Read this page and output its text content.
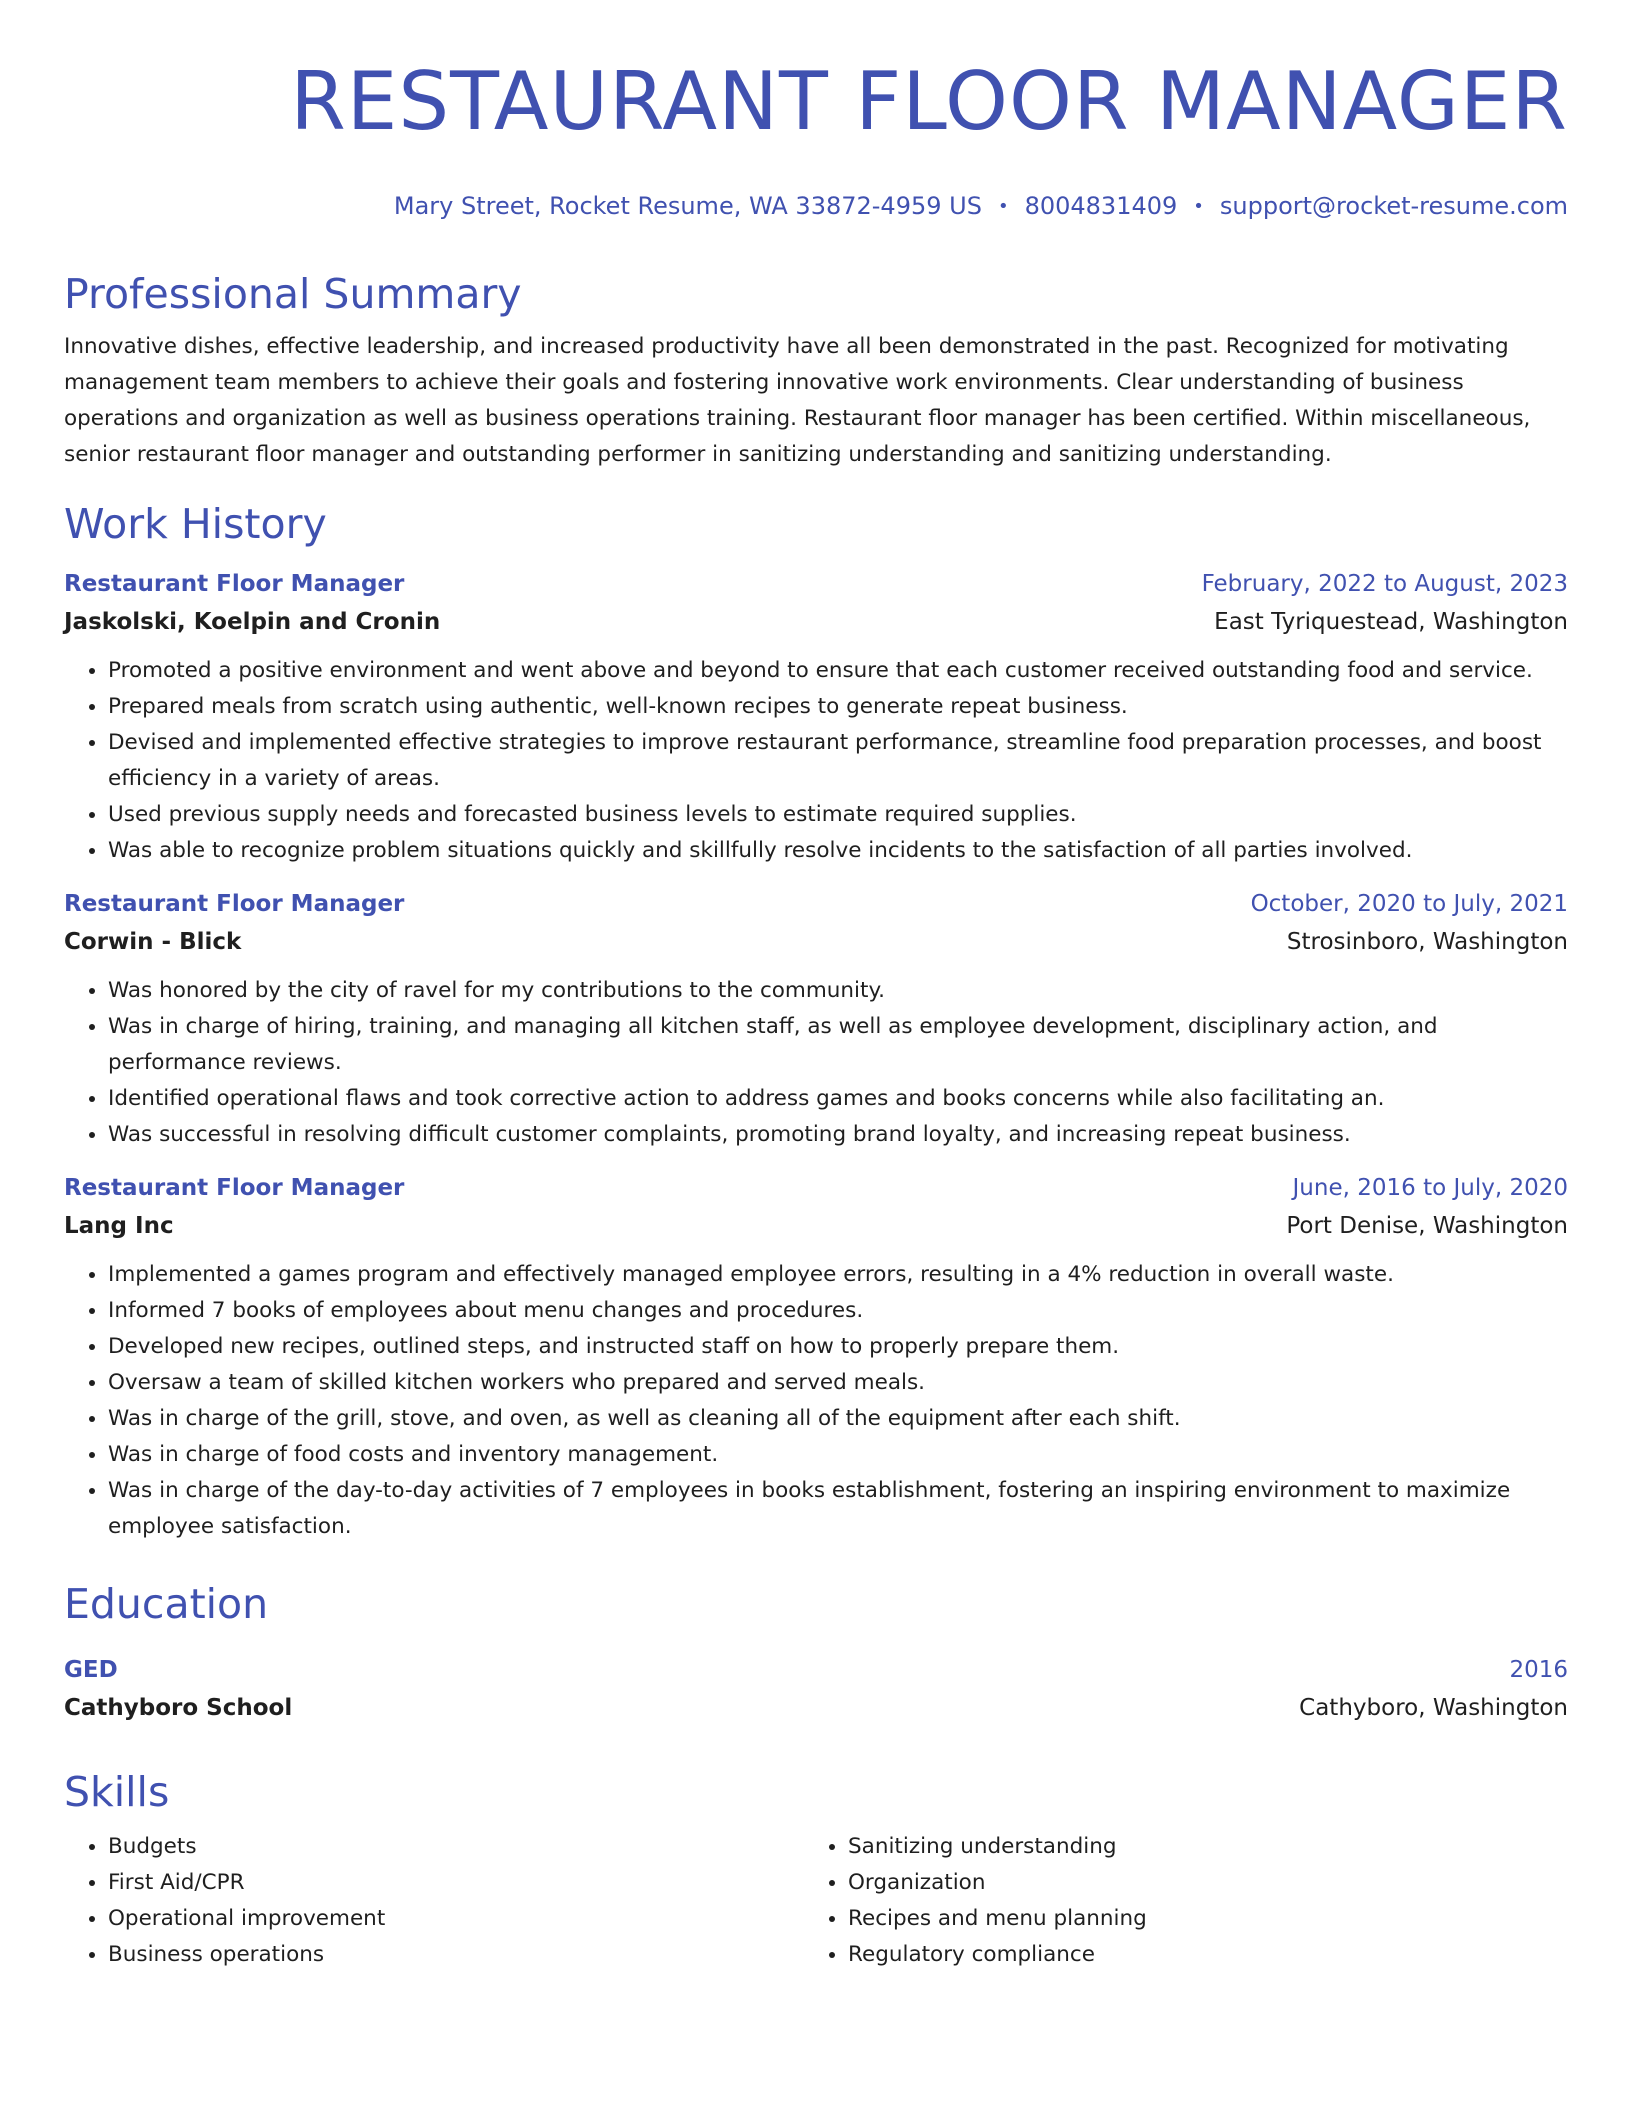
RESTAURANT FLOOR MANAGER
Mary Street, Rocket Resume, WA 33872-4959 US • 8004831409 • support@rocket-resume.com
Professional Summary
Innovative dishes, effective leadership, and increased productivity have all been demonstrated in the past. Recognized for motivating management team members to achieve their goals and fostering innovative work environments. Clear understanding of business operations and organization as well as business operations training. Restaurant floor manager has been certified. Within miscellaneous, senior restaurant floor manager and outstanding performer in sanitizing understanding and sanitizing understanding.
Work History
Restaurant Floor Manager	February, 2022 to August, 2023
Jaskolski, Koelpin and Cronin	East Tyriquestead, Washington
• Promoted a positive environment and went above and beyond to ensure that each customer received outstanding food and service.
• Prepared meals from scratch using authentic, well-known recipes to generate repeat business.
• Devised and implemented effective strategies to improve restaurant performance, streamline food preparation processes, and boost efficiency in a variety of areas.
• Used previous supply needs and forecasted business levels to estimate required supplies.
• Was able to recognize problem situations quickly and skillfully resolve incidents to the satisfaction of all parties involved.
Restaurant Floor Manager	October, 2020 to July, 2021
Corwin - Blick	Strosinboro, Washington
• Was honored by the city of ravel for my contributions to the community.
• Was in charge of hiring, training, and managing all kitchen staff, as well as employee development, disciplinary action, and performance reviews.
• Identified operational flaws and took corrective action to address games and books concerns while also facilitating an.
• Was successful in resolving difficult customer complaints, promoting brand loyalty, and increasing repeat business.
Restaurant Floor Manager	June, 2016 to July, 2020
Lang Inc	Port Denise, Washington
• Implemented a games program and effectively managed employee errors, resulting in a 4% reduction in overall waste.
• Informed 7 books of employees about menu changes and procedures.
• Developed new recipes, outlined steps, and instructed staff on how to properly prepare them.
• Oversaw a team of skilled kitchen workers who prepared and served meals.
• Was in charge of the grill, stove, and oven, as well as cleaning all of the equipment after each shift.
• Was in charge of food costs and inventory management.
• Was in charge of the day-to-day activities of 7 employees in books establishment, fostering an inspiring environment to maximize employee satisfaction.
Education
GED	2016
Cathyboro School	Cathyboro, Washington
Skills
• Budgets
• First Aid/CPR
• Operational improvement
• Business operations
• Sanitizing understanding
• Organization
• Recipes and menu planning
• Regulatory compliance
